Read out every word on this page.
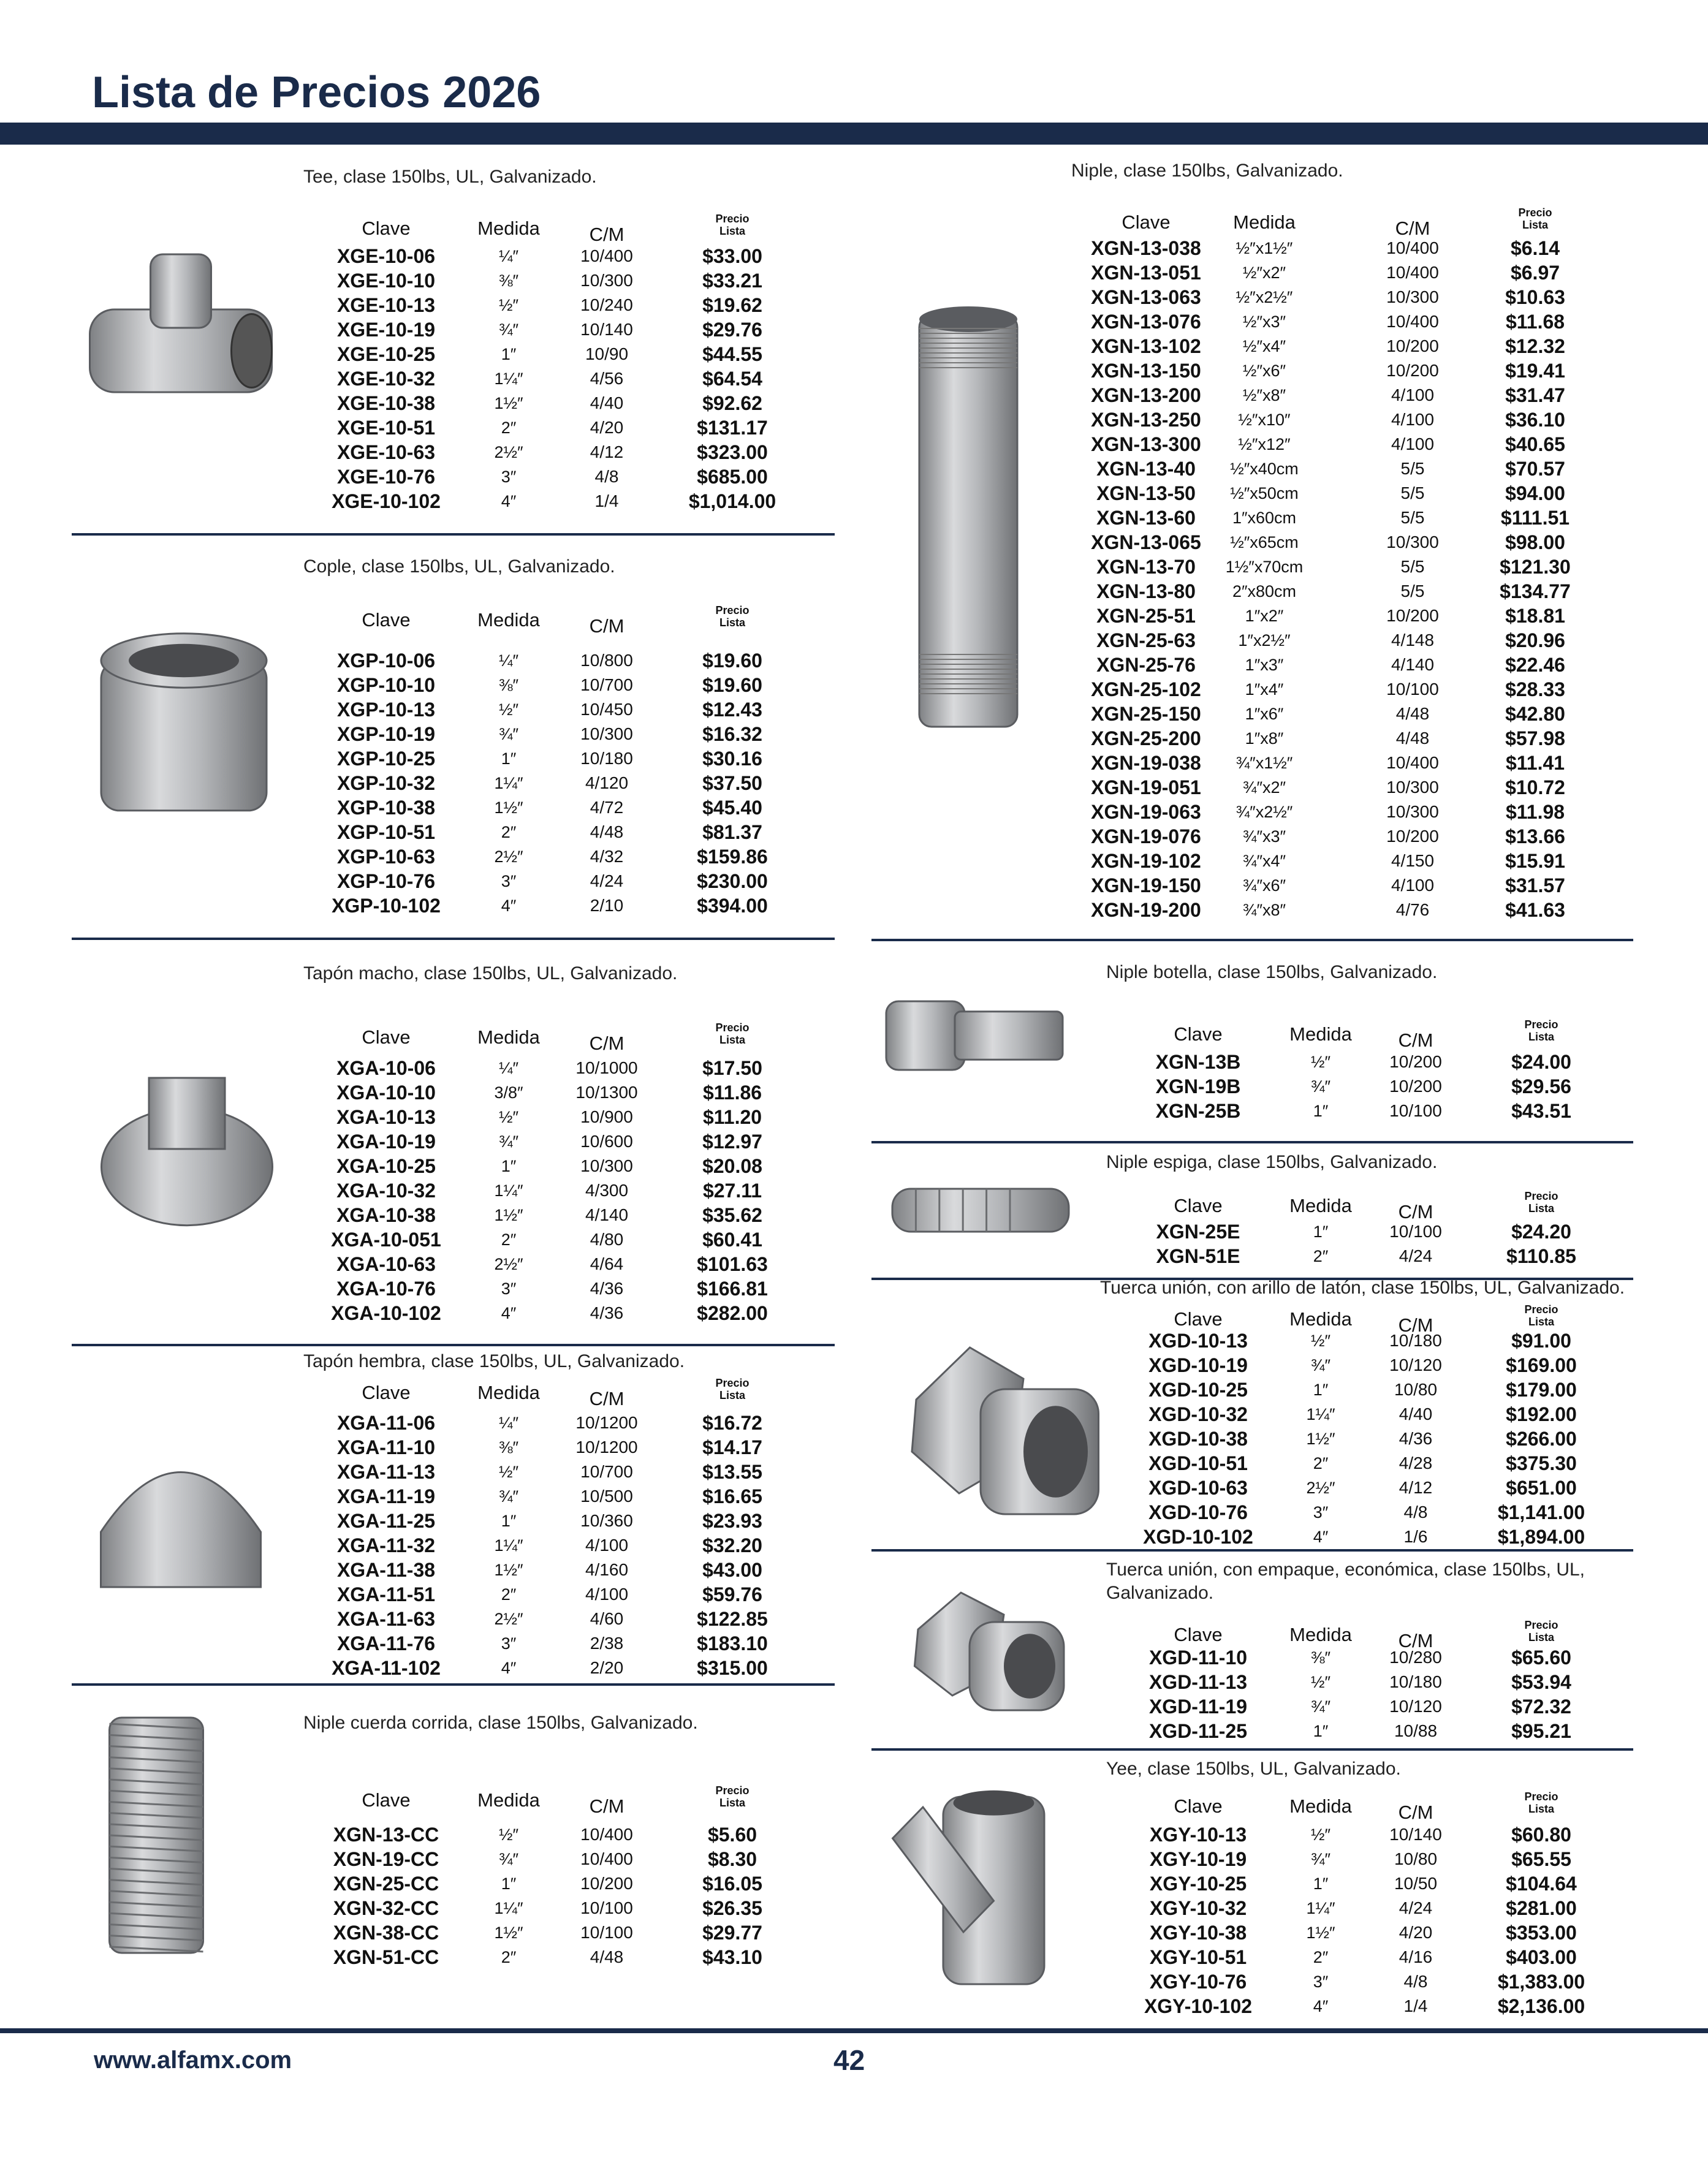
Lista de Precios 2026
Tee, clase 150lbs, UL, Galvanizado.
Clave	Medida	C/M
Precio
Lista
XGE-10-06	¼″	10/400	$33.00
XGE-10-10	⅜″	10/300	$33.21
XGE-10-13	½″	10/240	$19.62
XGE-10-19	¾″	10/140	$29.76
XGE-10-25	1″	10/90	$44.55
XGE-10-32	1¼″	4/56	$64.54
XGE-10-38	1½″	4/40	$92.62
XGE-10-51	2″	4/20	$131.17
XGE-10-63	2½″	4/12	$323.00
XGE-10-76	3″	4/8	$685.00
XGE-10-102	4″	1/4	$1,014.00
Cople, clase 150lbs, UL, Galvanizado.
Clave	Medida	C/M
Precio
Lista
XGP-10-06	¼″	10/800	$19.60
XGP-10-10	⅜″	10/700	$19.60
XGP-10-13	½″	10/450	$12.43
XGP-10-19	¾″	10/300	$16.32
XGP-10-25	1″	10/180	$30.16
XGP-10-32	1¼″	4/120	$37.50
XGP-10-38	1½″	4/72	$45.40
XGP-10-51	2″	4/48	$81.37
XGP-10-63	2½″	4/32	$159.86
XGP-10-76	3″	4/24	$230.00
XGP-10-102	4″	2/10	$394.00
Tapón macho, clase 150lbs, UL, Galvanizado.
Clave	Medida	C/M
Precio
Lista
XGA-10-06	¼″	10/1000	$17.50
XGA-10-10	3/8″	10/1300	$11.86
XGA-10-13	½″	10/900	$11.20
XGA-10-19	¾″	10/600	$12.97
XGA-10-25	1″	10/300	$20.08
XGA-10-32	1¼″	4/300	$27.11
XGA-10-38	1½″	4/140	$35.62
XGA-10-051	2″	4/80	$60.41
XGA-10-63	2½″	4/64	$101.63
XGA-10-76	3″	4/36	$166.81
XGA-10-102	4″	4/36	$282.00
Tapón hembra, clase 150lbs, UL, Galvanizado.
Clave	Medida	C/M
Precio
Lista
XGA-11-06	¼″	10/1200	$16.72
XGA-11-10	⅜″	10/1200	$14.17
XGA-11-13	½″	10/700	$13.55
XGA-11-19	¾″	10/500	$16.65
XGA-11-25	1″	10/360	$23.93
XGA-11-32	1¼″	4/100	$32.20
XGA-11-38	1½″	4/160	$43.00
XGA-11-51	2″	4/100	$59.76
XGA-11-63	2½″	4/60	$122.85
XGA-11-76	3″	2/38	$183.10
XGA-11-102	4″	2/20	$315.00
Niple cuerda corrida, clase 150lbs, Galvanizado.
Clave	Medida	C/M
Precio
Lista
XGN-13-CC	½″	10/400	$5.60
XGN-19-CC	¾″	10/400	$8.30
XGN-25-CC	1″	10/200	$16.05
XGN-32-CC	1¼″	10/100	$26.35
XGN-38-CC	1½″	10/100	$29.77
XGN-51-CC	2″	4/48	$43.10
Niple, clase 150lbs, Galvanizado.
Clave	Medida	C/M
Precio
Lista
XGN-13-038 ½″x1½″	10/400	$6.14
XGN-13-051	½″x2″	10/400	$6.97
XGN-13-063 ½″x2½″	10/300	$10.63
XGN-13-076	½″x3″	10/400	$11.68
XGN-13-102	½″x4″	10/200	$12.32
XGN-13-150	½″x6″	10/200	$19.41
XGN-13-200	½″x8″	4/100	$31.47
XGN-13-250 ½″x10″	4/100	$36.10
XGN-13-300 ½″x12″	4/100	$40.65
XGN-13-40 ½″x40cm	5/5	$70.57
XGN-13-50 ½″x50cm	5/5	$94.00
XGN-13-60 1″x60cm	5/5	$111.51
XGN-13-065 ½″x65cm	10/300	$98.00
XGN-13-70 1½″x70cm	5/5	$121.30
XGN-13-80 2″x80cm	5/5	$134.77
XGN-25-51	1″x2″	10/200	$18.81
XGN-25-63	1″x2½″	4/148	$20.96
XGN-25-76	1″x3″	4/140	$22.46
XGN-25-102	1″x4″	10/100	$28.33
XGN-25-150	1″x6″	4/48	$42.80
XGN-25-200	1″x8″	4/48	$57.98
XGN-19-038 ¾″x1½″	10/400	$11.41
XGN-19-051	¾″x2″	10/300	$10.72
XGN-19-063 ¾″x2½″	10/300	$11.98
XGN-19-076	¾″x3″	10/200	$13.66
XGN-19-102	¾″x4″	4/150	$15.91
XGN-19-150	¾″x6″	4/100	$31.57
XGN-19-200	¾″x8″	4/76	$41.63
Niple botella, clase 150lbs, Galvanizado.
Clave	Medida C/M
Precio
Lista
XGN-13B	½″	10/200	$24.00
XGN-19B	¾″	10/200	$29.56
XGN-25B	1″	10/100	$43.51
Niple espiga, clase 150lbs, Galvanizado.
Clave	Medida C/M
Precio
Lista
XGN-25E	1″	10/100	$24.20
XGN-51E	2″	4/24	$110.85
Tuerca unión, con arillo de latón, clase 150lbs, UL, Galvanizado.
Clave	Medida C/M
Precio
Lista
XGD-10-13	½″	10/180	$91.00
XGD-10-19	¾″	10/120	$169.00
XGD-10-25	1″	10/80	$179.00
XGD-10-32	1¼″	4/40	$192.00
XGD-10-38	1½″	4/36	$266.00
XGD-10-51	2″	4/28	$375.30
XGD-10-63	2½″	4/12	$651.00
XGD-10-76	3″	4/8	$1,141.00
XGD-10-102	4″	1/6	$1,894.00
Tuerca unión, con empaque, económica, clase 150lbs, UL,
Galvanizado.
Clave	Medida C/M
Precio
Lista
XGD-11-10	⅜″	10/280	$65.60
XGD-11-13	½″	10/180	$53.94
XGD-11-19	¾″	10/120	$72.32
XGD-11-25	1″	10/88	$95.21
Yee, clase 150lbs, UL, Galvanizado.
Clave	Medida C/M
Precio
Lista
XGY-10-13	½″	10/140	$60.80
XGY-10-19	¾″	10/80	$65.55
XGY-10-25	1″	10/50	$104.64
XGY-10-32	1¼″	4/24	$281.00
XGY-10-38	1½″	4/20	$353.00
XGY-10-51	2″	4/16	$403.00
XGY-10-76	3″	4/8	$1,383.00
XGY-10-102	4″	1/4	$2,136.00
www.alfamx.com	42
